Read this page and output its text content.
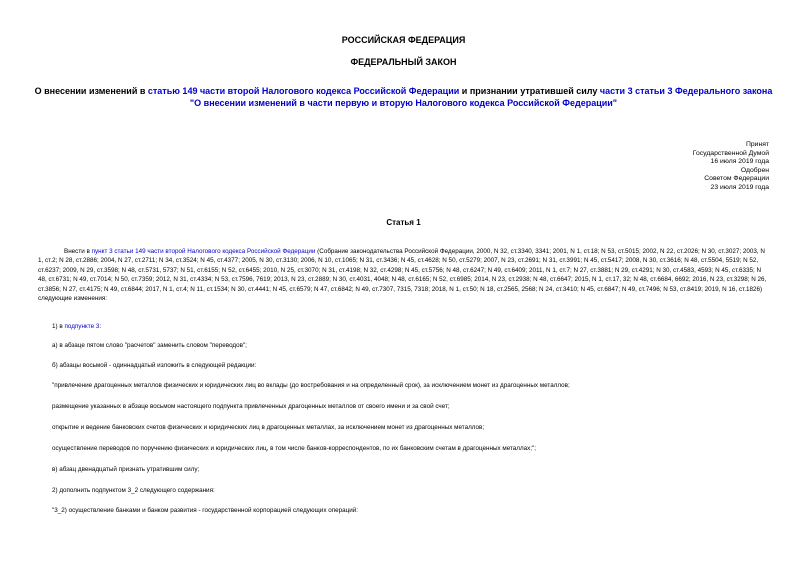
РОССИЙСКАЯ ФЕДЕРАЦИЯ
ФЕДЕРАЛЬНЫЙ ЗАКОН
О внесении изменений в статью 149 части второй Налогового кодекса Российской Федерации и признании утратившей силу части 3 статьи 3 Федерального закона "О внесении изменений в части первую и вторую Налогового кодекса Российской Федерации"
Принят
Государственной Думой
16 июля 2019 года
Одобрен
Советом Федерации
23 июля 2019 года
Статья 1
Внести в пункт 3 статьи 149 части второй Налогового кодекса Российской Федерации (Собрание законодательства Российской Федерации, 2000, N 32, ст.3340, 3341; 2001, N 1, ст.18; N 53, ст.5015; 2002, N 22, ст.2026; N 30, ст.3027; 2003, N 1, ст.2; N 28, ст.2886; 2004, N 27, ст.2711; N 34, ст.3524; N 45, ст.4377; 2005, N 30, ст.3130; 2006, N 10, ст.1065; N 31, ст.3436; N 45, ст.4628; N 50, ст.5279; 2007, N 23, ст.2691; N 31, ст.3991; N 45, ст.5417; 2008, N 30, ст.3616; N 48, ст.5504, 5519; N 52, ст.6237; 2009, N 29, ст.3598; N 48, ст.5731, 5737; N 51, ст.6155; N 52, ст.6455; 2010, N 25, ст.3070; N 31, ст.4198; N 32, ст.4298; N 45, ст.5756; N 48, ст.6247; N 49, ст.6409; 2011, N 1, ст.7; N 27, ст.3881; N 29, ст.4291; N 30, ст.4583, 4593; N 45, ст.6335; N 48, ст.6731; N 49, ст.7014; N 50, ст.7359; 2012, N 31, ст.4334; N 53, ст.7596, 7619; 2013, N 23, ст.2889; N 30, ст.4031, 4048; N 48, ст.6165; N 52, ст.6985; 2014, N 23, ст.2938; N 48, ст.6647; 2015, N 1, ст.17, 32; N 48, ст.6684, 6692; 2016, N 23, ст.3298; N 26, ст.3856; N 27, ст.4175; N 49, ст.6844; 2017, N 1, ст.4; N 11, ст.1534; N 30, ст.4441; N 45, ст.6579; N 47, ст.6842; N 49, ст.7307, 7315, 7318; 2018, N 1, ст.50; N 18, ст.2565, 2568; N 24, ст.3410; N 45, ст.6847; N 49, ст.7496; N 53, ст.8419; 2019, N 16, ст.1826) следующие изменения:
1) в подпункте 3:
а) в абзаце пятом слово "расчетов" заменить словом "переводов";
б) абзацы восьмой - одиннадцатый изложить в следующей редакции:
"привлечение драгоценных металлов физических и юридических лиц во вклады (до востребования и на определенный срок), за исключением монет из драгоценных металлов;
размещение указанных в абзаце восьмом настоящего подпункта привлеченных драгоценных металлов от своего имени и за свой счет;
открытие и ведение банковских счетов физических и юридических лиц в драгоценных металлах, за исключением монет из драгоценных металлов;
осуществление переводов по поручению физических и юридических лиц, в том числе банков-корреспондентов, по их банковским счетам в драгоценных металлах;";
в) абзац двенадцатый признать утратившим силу;
2) дополнить подпунктом 3_2 следующего содержания:
"3_2) осуществление банками и банком развития - государственной корпорацией следующих операций:
